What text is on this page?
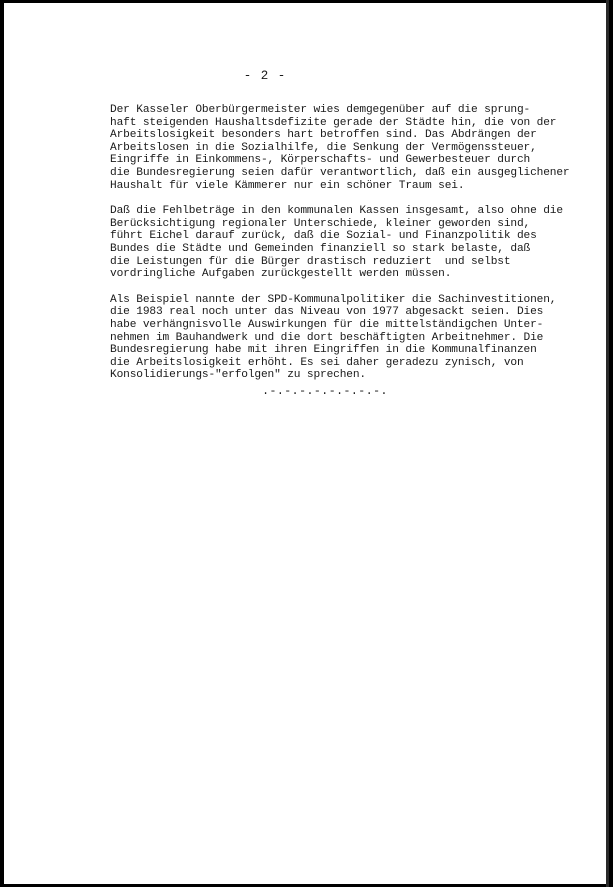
- 2 -
Der Kasseler Oberbürgermeister wies demgegenüber auf die sprung-
haft steigenden Haushaltsdefizite gerade der Städte hin, die von der
Arbeitslosigkeit besonders hart betroffen sind. Das Abdrängen der
Arbeitslosen in die Sozialhilfe, die Senkung der Vermögenssteuer,
Eingriffe in Einkommens-, Körperschafts- und Gewerbesteuer durch
die Bundesregierung seien dafür verantwortlich, daß ein ausgeglichener
Haushalt für viele Kämmerer nur ein schöner Traum sei.
Daß die Fehlbeträge in den kommunalen Kassen insgesamt, also ohne die
Berücksichtigung regionaler Unterschiede, kleiner geworden sind,
führt Eichel darauf zurück, daß die Sozial- und Finanzpolitik des
Bundes die Städte und Gemeinden finanziell so stark belaste, daß
die Leistungen für die Bürger drastisch reduziert  und selbst
vordringliche Aufgaben zurückgestellt werden müssen.
Als Beispiel nannte der SPD-Kommunalpolitiker die Sachinvestitionen,
die 1983 real noch unter das Niveau von 1977 abgesackt seien. Dies
habe verhängnisvolle Auswirkungen für die mittelständigchen Unter-
nehmen im Bauhandwerk und die dort beschäftigten Arbeitnehmer. Die
Bundesregierung habe mit ihren Eingriffen in die Kommunalfinanzen
die Arbeitslosigkeit erhöht. Es sei daher geradezu zynisch, von
Konsolidierungs-"erfolgen" zu sprechen.
.-.-.-.-.-.-.-.-.
